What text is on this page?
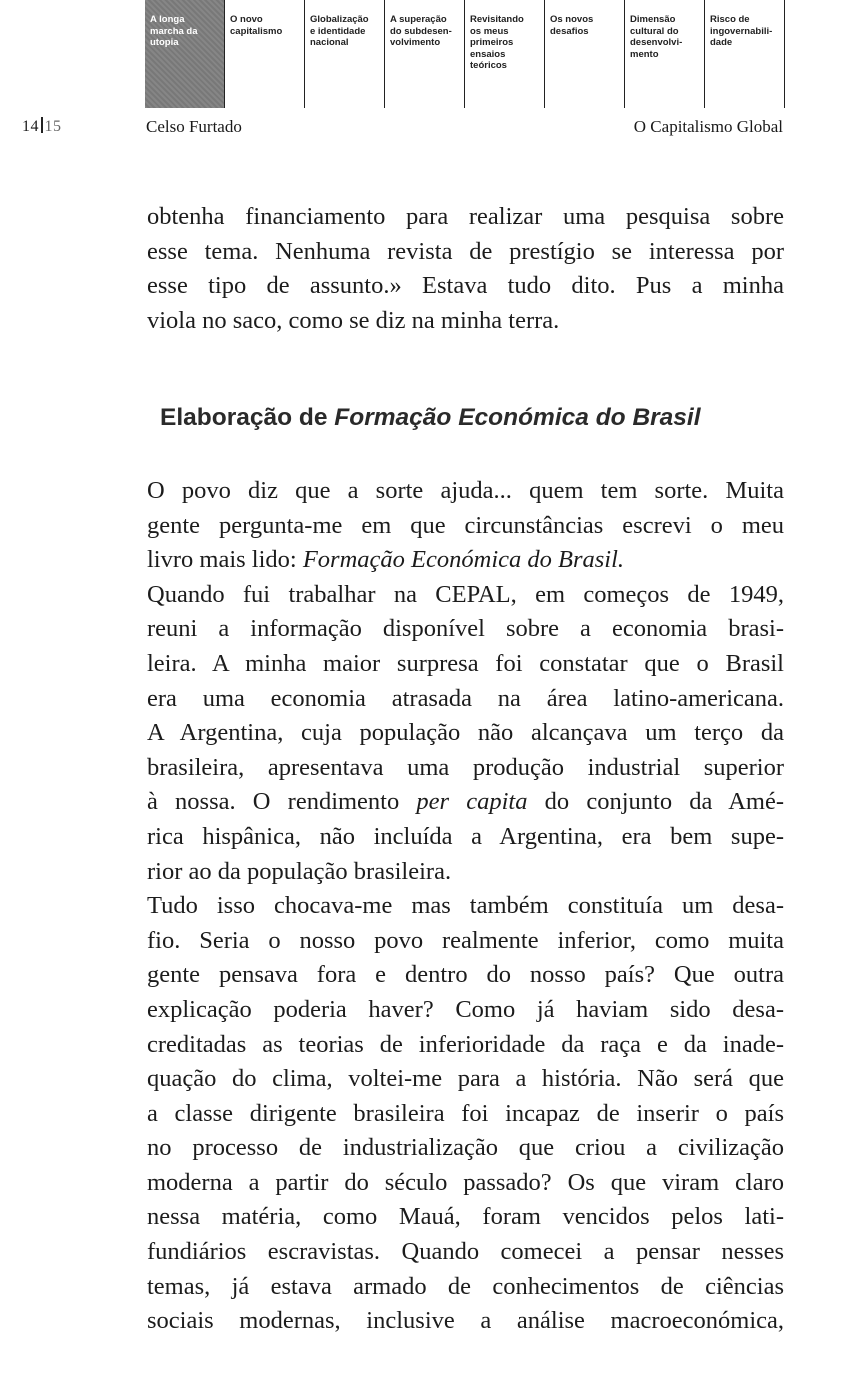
A longa
marcha da
utopia
O novo
capitalismo
Globalização
e identidade
nacional
A superação
do subdesen-
volvimento
Revisitando
os meus
primeiros
ensaios
teóricos
Os novos
desafios
Dimensão
cultural do
desenvolvi-
mento
Risco de
ingovernabili-
dade
14 15	Celso Furtado	O Capitalismo Global
obtenha financiamento para realizar uma pesquisa sobre
esse tema. Nenhuma revista de prestígio se interessa por
esse tipo de assunto.» Estava tudo dito. Pus a minha
viola no saco, como se diz na minha terra.
Elaboração de Formação Económica do Brasil
O povo diz que a sorte ajuda... quem tem sorte. Muita
gente pergunta-me em que circunstâncias escrevi o meu
livro mais lido: Formação Económica do Brasil.
Quando fui trabalhar na CEPAL, em começos de 1949,
reuni a informação disponível sobre a economia brasi-
leira. A minha maior surpresa foi constatar que o Brasil
era uma economia atrasada na área latino-americana.
A Argentina, cuja população não alcançava um terço da
brasileira, apresentava uma produção industrial superior
à nossa. O rendimento per capita do conjunto da Amé-
rica hispânica, não incluída a Argentina, era bem supe-
rior ao da população brasileira.
Tudo isso chocava-me mas também constituía um desa-
fio. Seria o nosso povo realmente inferior, como muita
gente pensava fora e dentro do nosso país? Que outra
explicação poderia haver? Como já haviam sido desa-
creditadas as teorias de inferioridade da raça e da inade-
quação do clima, voltei-me para a história. Não será que
a classe dirigente brasileira foi incapaz de inserir o país
no processo de industrialização que criou a civilização
moderna a partir do século passado? Os que viram claro
nessa matéria, como Mauá, foram vencidos pelos lati-
fundiários escravistas. Quando comecei a pensar nesses
temas, já estava armado de conhecimentos de ciências
sociais modernas, inclusive a análise macroeconómica,
